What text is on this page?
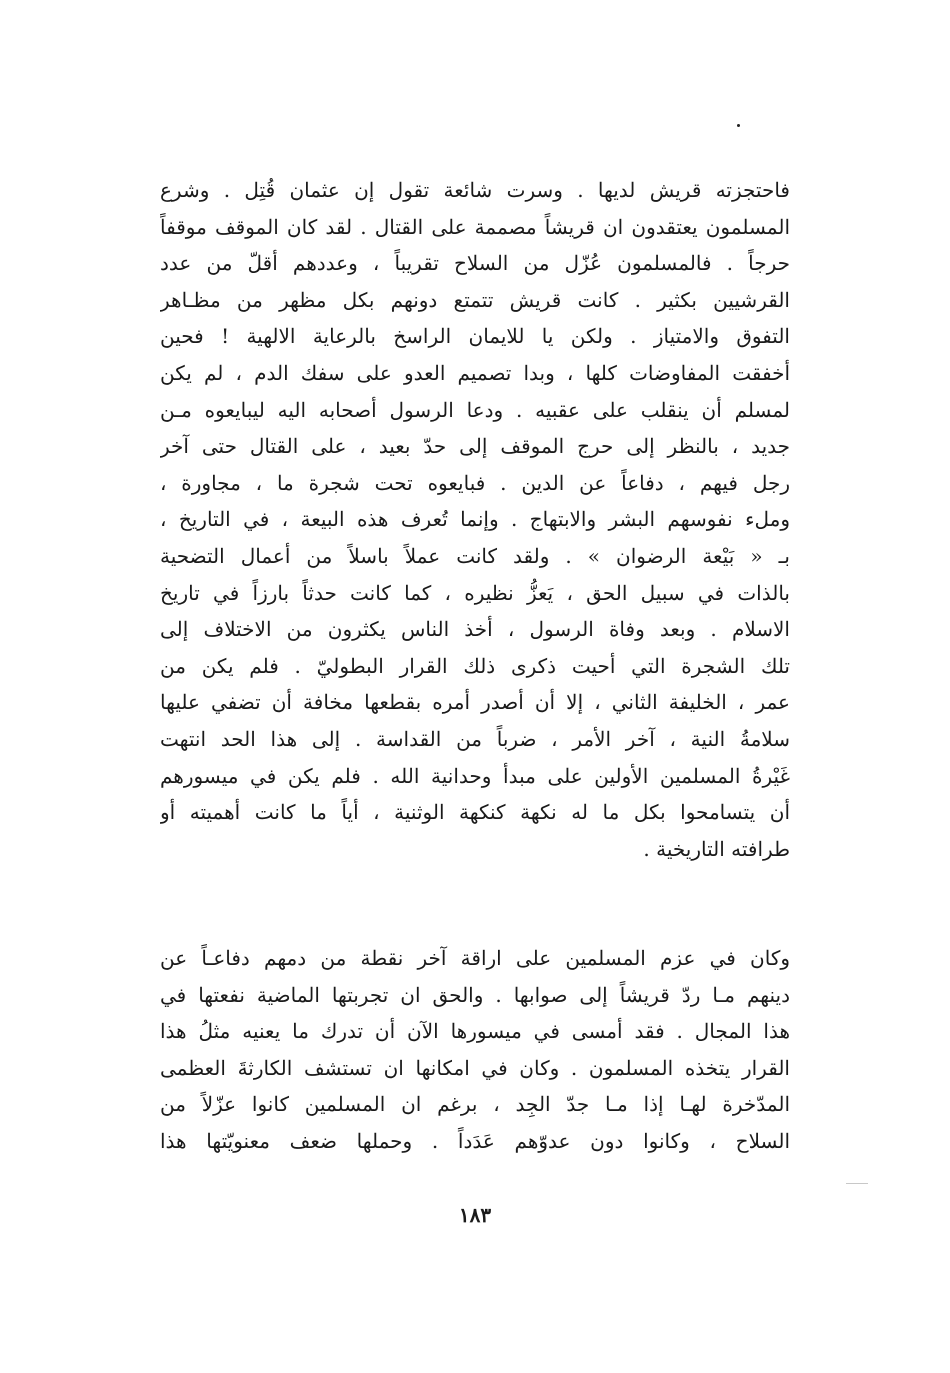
فاحتجزته قريش لديها . وسرت شائعة تقول إن عثمان قُتِل . وشرع
المسلمون يعتقدون ان قريشاً مصممة على القتال . لقد كان الموقف موقفاً
حرجاً . فالمسلمون عُزّل من السلاح تقريباً ، وعددهم أقلّ من عدد
القرشيين بكثير . كانت قريش تتمتع دونهم بكل مظهر من مظـاهر
التفوق والامتياز . ولكن يا للايمان الراسخ بالرعاية الالهية ! فحين
أخفقت المفاوضات كلها ، وبدا تصميم العدو على سفك الدم ، لم يكن
لمسلم أن ينقلب على عقبيه . ودعا الرسول أصحابه اليه ليبايعوه مـن
جديد ، بالنظر إلى حرج الموقف إلى حدّ بعيد ، على القتال حتى آخر
رجل فيهم ، دفاعاً عن الدين . فبايعوه تحت شجرة ما ، مجاورة ،
وملء نفوسهم البشر والابتهاج . وإنما تُعرف هذه البيعة ، في التاريخ ،
بـ « بَيْعة الرضوان » . ولقد كانت عملاً باسلاً من أعمال التضحية
بالذات في سبيل الحق ، يَعزُّ نظيره ، كما كانت حدثاً بارزاً في تاريخ
الاسلام . وبعد وفاة الرسول ، أخذ الناس يكثرون من الاختلاف إلى
تلك الشجرة التي أحيت ذكرى ذلك القرار البطوليّ . فلم يكن من
عمر ، الخليفة الثاني ، إلا أن أصدر أمره بقطعها مخافة أن تضفي عليها
سلامةُ النية ، آخر الأمر ، ضرباً من القداسة . إلى هذا الحد انتهت
غَيْرةُ المسلمين الأولين على مبدأ وحدانية الله . فلم يكن في ميسورهم
أن يتسامحوا بكل ما له نكهة كنكهة الوثنية ، أياً ما كانت أهميته أو
طرافته التاريخية .
وكان في عزم المسلمين على اراقة آخر نقطة من دمهم دفاعـاً عن
دينهم مـا ردّ قريشاً إلى صوابها . والحق ان تجربتها الماضية نفعتها في
هذا المجال . فقد أمسى في ميسورها الآن أن تدرك ما يعنيه مثلُ هذا
القرار يتخذه المسلمون . وكان في امكانها ان تستشف الكارثةَ العظمى
المدّخرة لهـا إذا مـا جدّ الجِد ، برغم ان المسلمين كانوا عزّلاً من
السلاح ، وكانوا دون عدوّهم عَدَداً . وحملها ضعف معنويّتها هذا
١٨٣
